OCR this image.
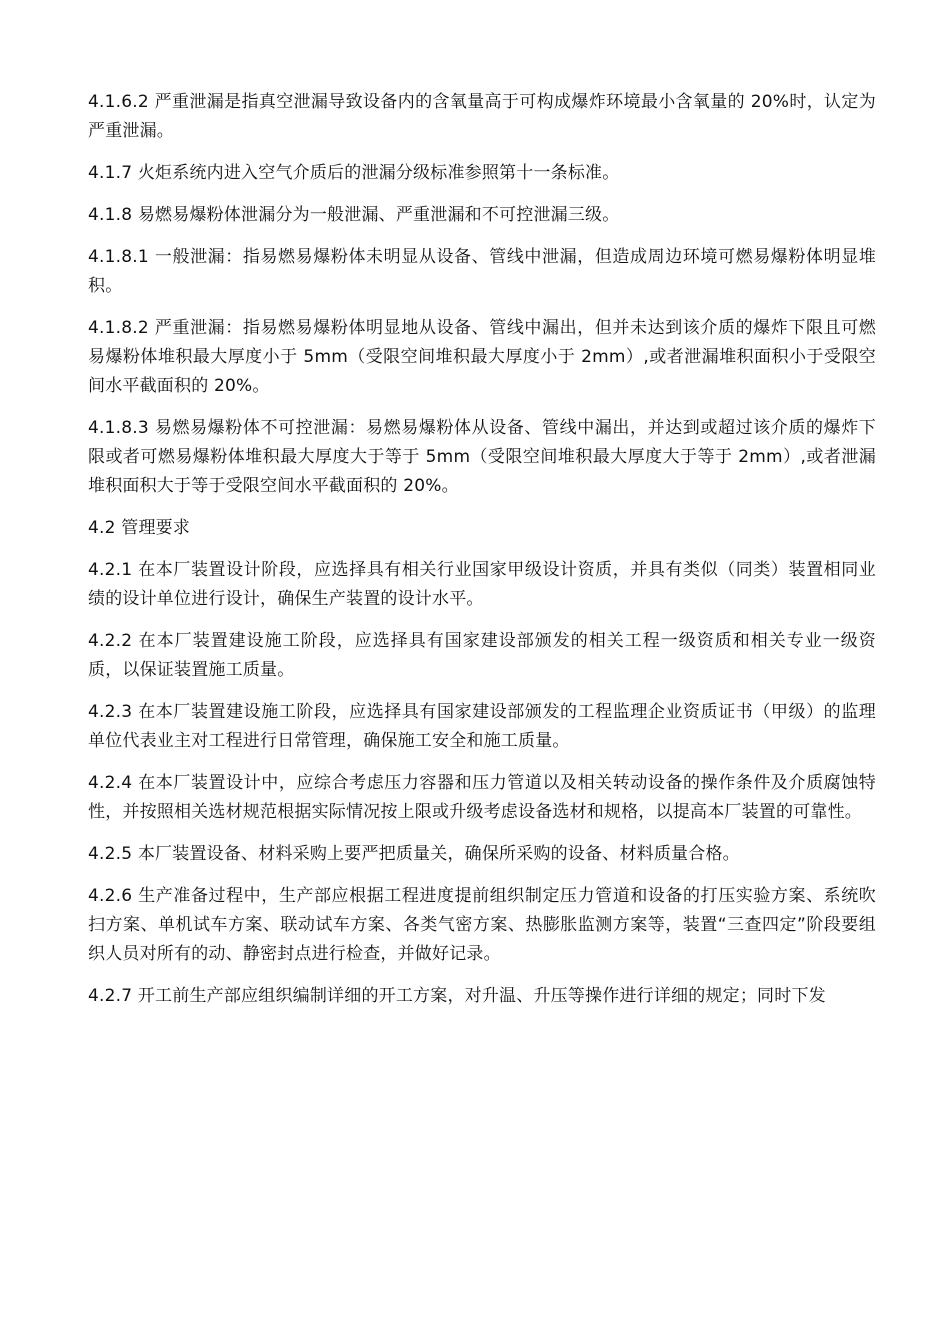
4.1.6.2 严重泄漏是指真空泄漏导致设备内的含氧量高于可构成爆炸环境最小含氧量的 20%时，认定为严重泄漏。

4.1.7 火炬系统内进入空气介质后的泄漏分级标准参照第十一条标准。

4.1.8 易燃易爆粉体泄漏分为一般泄漏、严重泄漏和不可控泄漏三级。

4.1.8.1 一般泄漏：指易燃易爆粉体未明显从设备、管线中泄漏，但造成周边环境可燃易爆粉体明显堆积。

4.1.8.2 严重泄漏：指易燃易爆粉体明显地从设备、管线中漏出，但并未达到该介质的爆炸下限且可燃易爆粉体堆积最大厚度小于 5mm（受限空间堆积最大厚度小于 2mm）,或者泄漏堆积面积小于受限空间水平截面积的 20%。

4.1.8.3 易燃易爆粉体不可控泄漏：易燃易爆粉体从设备、管线中漏出，并达到或超过该介质的爆炸下限或者可燃易爆粉体堆积最大厚度大于等于 5mm（受限空间堆积最大厚度大于等于 2mm）,或者泄漏堆积面积大于等于受限空间水平截面积的 20%。

4.2 管理要求

4.2.1 在本厂装置设计阶段，应选择具有相关行业国家甲级设计资质，并具有类似（同类）装置相同业绩的设计单位进行设计，确保生产装置的设计水平。

4.2.2 在本厂装置建设施工阶段，应选择具有国家建设部颁发的相关工程一级资质和相关专业一级资质，以保证装置施工质量。

4.2.3 在本厂装置建设施工阶段，应选择具有国家建设部颁发的工程监理企业资质证书（甲级）的监理单位代表业主对工程进行日常管理，确保施工安全和施工质量。

4.2.4 在本厂装置设计中，应综合考虑压力容器和压力管道以及相关转动设备的操作条件及介质腐蚀特性，并按照相关选材规范根据实际情况按上限或升级考虑设备选材和规格，以提高本厂装置的可靠性。

4.2.5 本厂装置设备、材料采购上要严把质量关，确保所采购的设备、材料质量合格。

4.2.6 生产准备过程中，生产部应根据工程进度提前组织制定压力管道和设备的打压实验方案、系统吹扫方案、单机试车方案、联动试车方案、各类气密方案、热膨胀监测方案等，装置“三查四定”阶段要组织人员对所有的动、静密封点进行检查，并做好记录。

4.2.7 开工前生产部应组织编制详细的开工方案，对升温、升压等操作进行详细的规定；同时下发
